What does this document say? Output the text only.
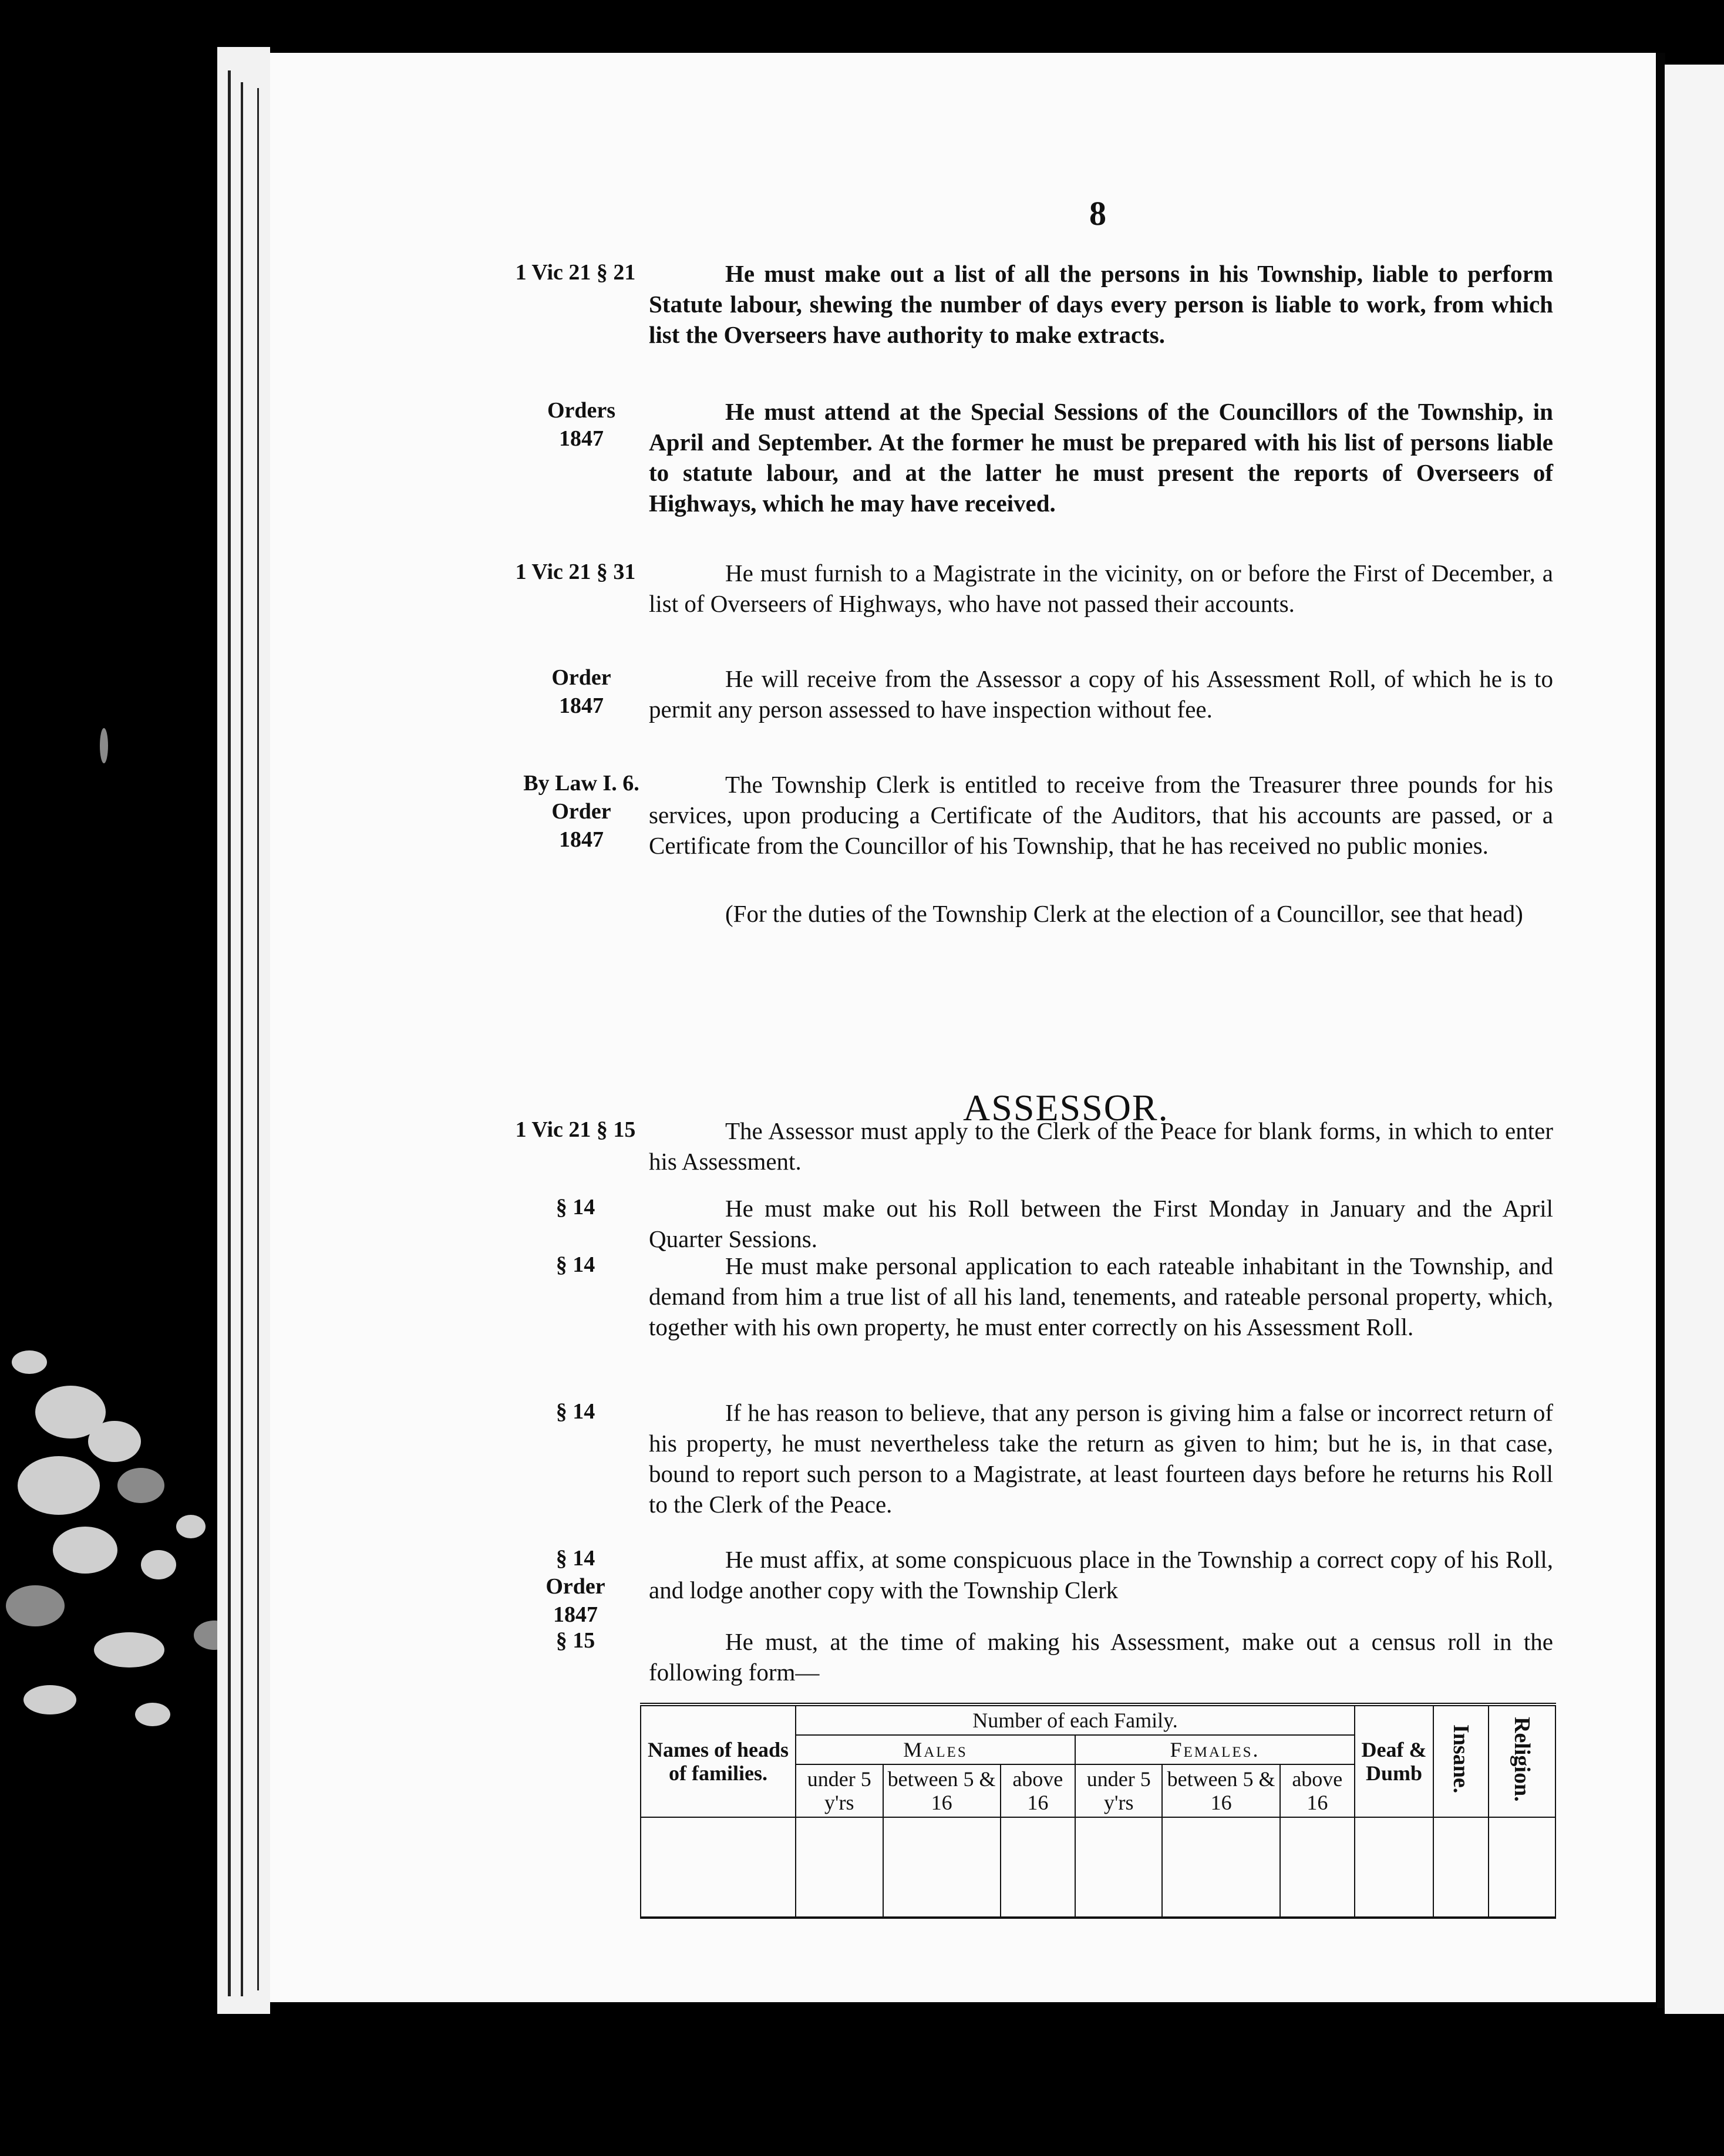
8
1 Vic 21 § 21
Orders
1847
1 Vic 21 § 31
Order
1847
By Law I. 6.
Order
1847
1 Vic 21 § 15
§ 14
§ 14
§ 14
§ 14
Order
1847
§ 15

He must make out a list of all the persons in his Township, liable to perform Statute labour, shewing the number of days every person is liable to work, from which list the Overseers have authority to make extracts.

He must attend at the Special Sessions of the Councillors of the Township, in April and September. At the former he must be prepared with his list of persons liable to statute labour, and at the latter he must present the reports of Overseers of Highways, which he may have received.

He must furnish to a Magistrate in the vicinity, on or before the First of December, a list of Overseers of Highways, who have not passed their accounts.

He will receive from the Assessor a copy of his Assessment Roll, of which he is to permit any person assessed to have inspection without fee.

The Township Clerk is entitled to receive from the Treasurer three pounds for his services, upon producing a Certificate of the Auditors, that his accounts are passed, or a Certificate from the Councillor of his Township, that he has received no public monies.

(For the duties of the Township Clerk at the election of a Councillor, see that head)

ASSESSOR.

The Assessor must apply to the Clerk of the Peace for blank forms, in which to enter his Assessment.

He must make out his Roll between the First Monday in January and the April Quarter Sessions.

He must make personal application to each rateable inhabitant in the Township, and demand from him a true list of all his land, tenements, and rateable personal property, which, together with his own property, he must enter correctly on his Assessment Roll.

If he has reason to believe, that any person is giving him a false or incorrect return of his property, he must nevertheless take the return as given to him; but he is, in that case, bound to report such person to a Magistrate, at least fourteen days before he returns his Roll to the Clerk of the Peace.

He must affix, at some conspicuous place in the Township a correct copy of his Roll, and lodge another copy with the Township Clerk

He must, at the time of making his Assessment, make out a census roll in the following form—

Names of heads of families.	Number of each Family.						Deaf & Dumb	Insane.	Religion.
	Males			Females.					
	under 5 y'rs	between 5 & 16	above 16	under 5 y'rs	between 5 & 16	above 16			
